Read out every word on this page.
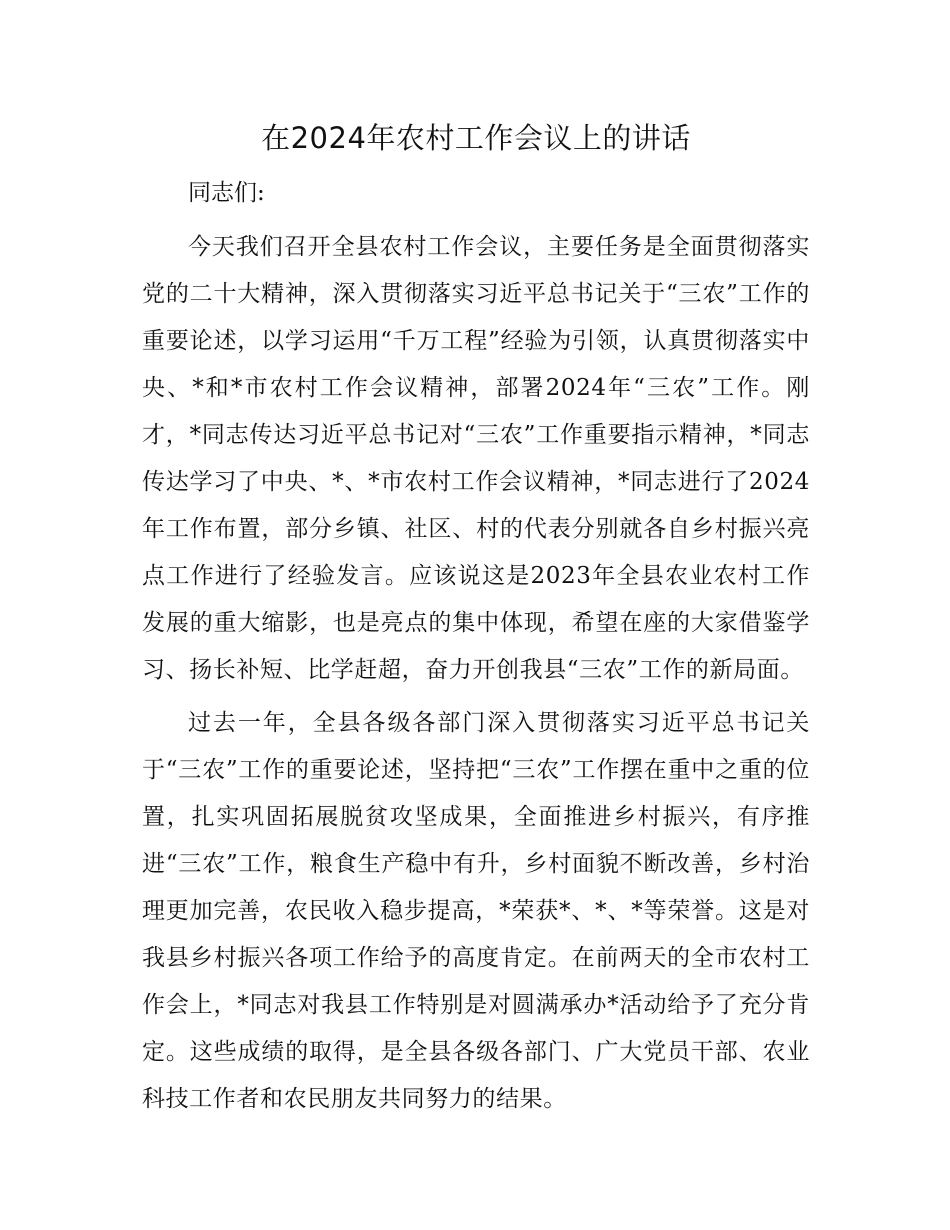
在2024年农村工作会议上的讲话

同志们:

今天我们召开全县农村工作会议，主要任务是全面贯彻落实党的二十大精神，深入贯彻落实习近平总书记关于“三农”工作的重要论述，以学习运用“千万工程”经验为引领，认真贯彻落实中央、*和*市农村工作会议精神，部署2024年“三农”工作。刚才，*同志传达习近平总书记对“三农”工作重要指示精神，*同志传达学习了中央、*、*市农村工作会议精神，*同志进行了2024年工作布置，部分乡镇、社区、村的代表分别就各自乡村振兴亮点工作进行了经验发言。应该说这是2023年全县农业农村工作发展的重大缩影，也是亮点的集中体现，希望在座的大家借鉴学习、扬长补短、比学赶超，奋力开创我县“三农”工作的新局面。

过去一年，全县各级各部门深入贯彻落实习近平总书记关于“三农”工作的重要论述，坚持把“三农”工作摆在重中之重的位置，扎实巩固拓展脱贫攻坚成果，全面推进乡村振兴，有序推进“三农”工作，粮食生产稳中有升，乡村面貌不断改善，乡村治理更加完善，农民收入稳步提高，*荣获*、*、*等荣誉。这是对我县乡村振兴各项工作给予的高度肯定。在前两天的全市农村工作会上，*同志对我县工作特别是对圆满承办*活动给予了充分肯定。这些成绩的取得，是全县各级各部门、广大党员干部、农业科技工作者和农民朋友共同努力的结果。
